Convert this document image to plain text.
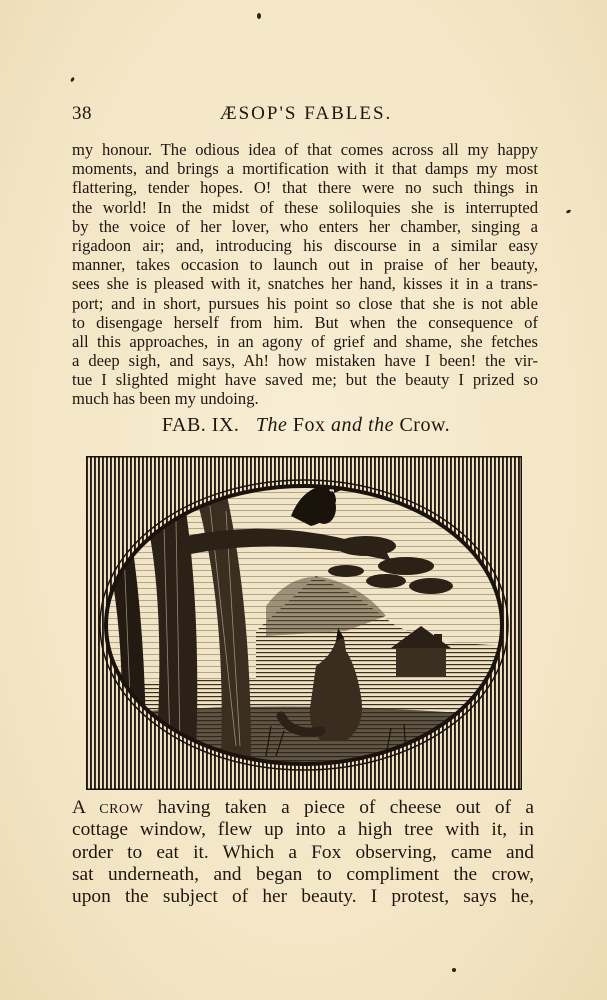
38	ÆSOP'S FABLES.
my honour. The odious idea of that comes across all my happy
moments, and brings a mortification with it that damps my most
flattering, tender hopes. O! that there were no such things in
the world! In the midst of these soliloquies she is interrupted
by the voice of her lover, who enters her chamber, singing a
rigadoon air; and, introducing his discourse in a similar easy
manner, takes occasion to launch out in praise of her beauty,
sees she is pleased with it, snatches her hand, kisses it in a trans-
port; and in short, pursues his point so close that she is not able
to disengage herself from him. But when the consequence of
all this approaches, in an agony of grief and shame, she fetches
a deep sigh, and says, Ah! how mistaken have I been! the vir-
tue I slighted might have saved me; but the beauty I prized so
much has been my undoing.
FAB. IX. The Fox and the Crow.
A crow having taken a piece of cheese out of a
cottage window, flew up into a high tree with it, in
order to eat it. Which a Fox observing, came and
sat underneath, and began to compliment the crow,
upon the subject of her beauty. I protest, says he,
